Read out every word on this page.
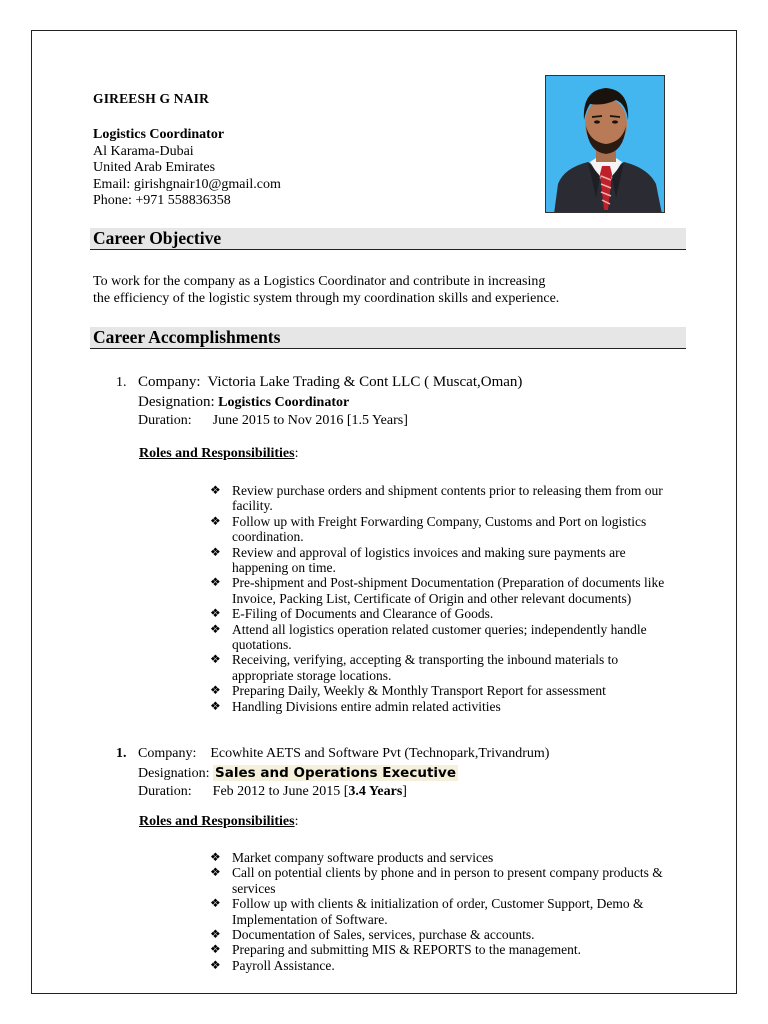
GIREESH G NAIR
Logistics Coordinator
Al Karama-Dubai
United Arab Emirates
Email: girishgnair10@gmail.com
Phone: +971 558836358
Career Objective
To work for the company as a Logistics Coordinator and contribute in increasing
the efficiency of the logistic system through my coordination skills and experience.
Career Accomplishments
1. Company: Victoria Lake Trading & Cont LLC ( Muscat,Oman)
Designation: Logistics Coordinator
Duration: June 2015 to Nov 2016 [1.5 Years]
Roles and Responsibilities:
❖ Review purchase orders and shipment contents prior to releasing them from our facility.
❖ Follow up with Freight Forwarding Company, Customs and Port on logistics coordination.
❖ Review and approval of logistics invoices and making sure payments are happening on time.
❖ Pre-shipment and Post-shipment Documentation (Preparation of documents like Invoice, Packing List, Certificate of Origin and other relevant documents)
❖ E-Filing of Documents and Clearance of Goods.
❖ Attend all logistics operation related customer queries; independently handle quotations.
❖ Receiving, verifying, accepting & transporting the inbound materials to appropriate storage locations.
❖ Preparing Daily, Weekly & Monthly Transport Report for assessment
❖ Handling Divisions entire admin related activities
1. Company: Ecowhite AETS and Software Pvt (Technopark,Trivandrum)
Designation: Sales and Operations Executive
Duration: Feb 2012 to June 2015 [3.4 Years]
Roles and Responsibilities:
❖ Market company software products and services
❖ Call on potential clients by phone and in person to present company products & services
❖ Follow up with clients & initialization of order, Customer Support, Demo & Implementation of Software.
❖ Documentation of Sales, services, purchase & accounts.
❖ Preparing and submitting MIS & REPORTS to the management.
❖ Payroll Assistance.
